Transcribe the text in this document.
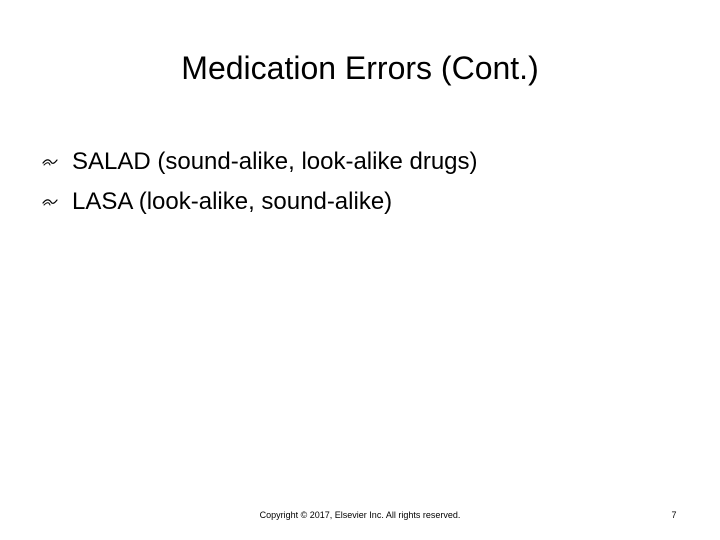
Medication Errors (Cont.)
SALAD (sound-alike, look-alike drugs)
LASA (look-alike, sound-alike)
Copyright © 2017, Elsevier Inc. All rights reserved.	7
